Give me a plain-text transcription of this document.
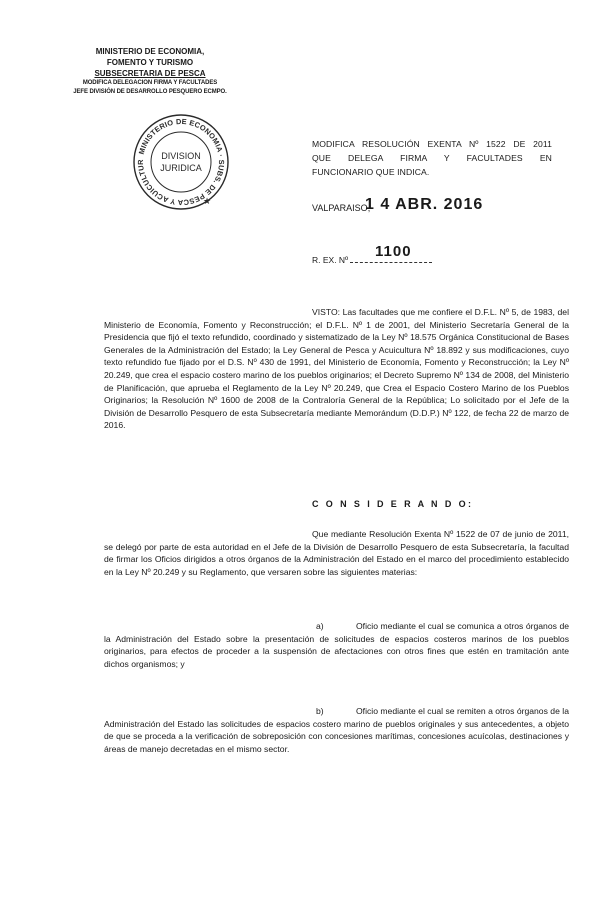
MINISTERIO DE ECONOMIA,
FOMENTO Y TURISMO
SUBSECRETARIA DE PESCA
MODIFICA DELEGACION FIRMA Y FACULTADES
JEFE DIVISIÓN DE DESARROLLO PESQUERO ECMPO.
MINISTERIO DE ECONOMIA · SUBS. DE PESCA Y ACUICULTUR
DIVISION
JURIDICA
★
MODIFICA RESOLUCIÓN EXENTA Nº 1522 DE 2011
QUE DELEGA FIRMA Y FACULTADES EN
FUNCIONARIO QUE INDICA.
VALPARAISO,
1 4 ABR. 2016
R. EX. Nº	1100
VISTO: Las facultades que me confiere el D.F.L. Nº 5, de 1983, del Ministerio de Economía, Fomento y Reconstrucción; el D.F.L. Nº 1 de 2001, del Ministerio Secretaría General de la Presidencia que fijó el texto refundido, coordinado y sistematizado de la Ley Nº 18.575 Orgánica Constitucional de Bases Generales de la Administración del Estado; la Ley General de Pesca y Acuicultura Nº 18.892 y sus modificaciones, cuyo texto refundido fue fijado por el D.S. Nº 430 de 1991, del Ministerio de Economía, Fomento y Reconstrucción; la Ley Nº 20.249, que crea el espacio costero marino de los pueblos originarios; el Decreto Supremo Nº 134 de 2008, del Ministerio de Planificación, que aprueba el Reglamento de la Ley Nº 20.249, que Crea el Espacio Costero Marino de los Pueblos Originarios; la Resolución Nº 1600 de 2008 de la Contraloría General de la República; Lo solicitado por el Jefe de la División de Desarrollo Pesquero de esta Subsecretaría mediante Memorándum (D.D.P.) Nº 122, de fecha 22 de marzo de 2016.
C O N S I D E R A N D O:
Que mediante Resolución Exenta Nº 1522 de 07 de junio de 2011, se delegó por parte de esta autoridad en el Jefe de la División de Desarrollo Pesquero de esta Subsecretaría, la facultad de firmar los Oficios dirigidos a otros órganos de la Administración del Estado en el marco del procedimiento establecido en la Ley Nº 20.249 y su Reglamento, que versaren sobre las siguientes materias:
a)	Oficio mediante el cual se comunica a otros órganos de la Administración del Estado sobre la presentación de solicitudes de espacios costeros marinos de los pueblos originarios, para efectos de proceder a la suspensión de afectaciones con otros fines que estén en tramitación ante dichos organismos; y
b)	Oficio mediante el cual se remiten a otros órganos de la Administración del Estado las solicitudes de espacios costero marino de pueblos originales y sus antecedentes, a objeto de que se proceda a la verificación de sobreposición con concesiones marítimas, concesiones acuícolas, destinaciones y áreas de manejo decretadas en el mismo sector.
